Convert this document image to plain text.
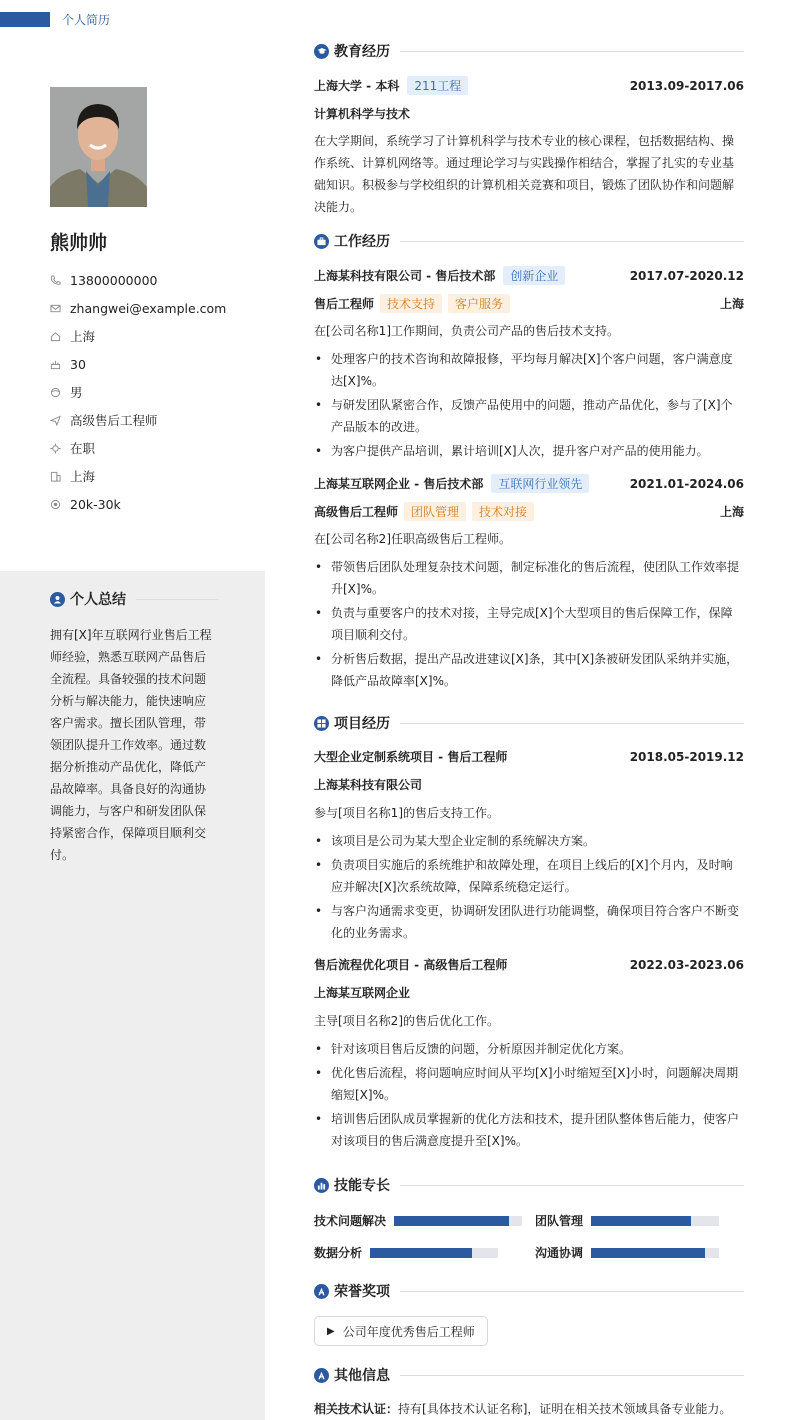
个人简历
熊帅帅
13800000000
zhangwei@example.com
上海
30
男
高级售后工程师
在职
上海
20k-30k
个人总结
拥有[X]年互联网行业售后工程师经验，熟悉互联网产品售后全流程。具备较强的技术问题分析与解决能力，能快速响应客户需求。擅长团队管理，带领团队提升工作效率。通过数据分析推动产品优化，降低产品故障率。具备良好的沟通协调能力，与客户和研发团队保持紧密合作，保障项目顺利交付。
教育经历
上海大学 - 本科	211工程	2013.09-2017.06
计算机科学与技术
在大学期间，系统学习了计算机科学与技术专业的核心课程，包括数据结构、操作系统、计算机网络等。通过理论学习与实践操作相结合，掌握了扎实的专业基础知识。积极参与学校组织的计算机相关竞赛和项目，锻炼了团队协作和问题解决能力。
工作经历
上海某科技有限公司 - 售后技术部	创新企业	2017.07-2020.12
售后工程师	技术支持	客户服务	上海
在[公司名称1]工作期间，负责公司产品的售后技术支持。
• 处理客户的技术咨询和故障报修，平均每月解决[X]个客户问题，客户满意度达[X]%。
• 与研发团队紧密合作，反馈产品使用中的问题，推动产品优化，参与了[X]个产品版本的改进。
• 为客户提供产品培训，累计培训[X]人次，提升客户对产品的使用能力。
上海某互联网企业 - 售后技术部	互联网行业领先	2021.01-2024.06
高级售后工程师	团队管理	技术对接	上海
在[公司名称2]任职高级售后工程师。
• 带领售后团队处理复杂技术问题，制定标准化的售后流程，使团队工作效率提升[X]%。
• 负责与重要客户的技术对接，主导完成[X]个大型项目的售后保障工作，保障项目顺利交付。
• 分析售后数据，提出产品改进建议[X]条，其中[X]条被研发团队采纳并实施，降低产品故障率[X]%。
项目经历
大型企业定制系统项目 - 售后工程师	2018.05-2019.12
上海某科技有限公司
参与[项目名称1]的售后支持工作。
• 该项目是公司为某大型企业定制的系统解决方案。
• 负责项目实施后的系统维护和故障处理，在项目上线后的[X]个月内，及时响应并解决[X]次系统故障，保障系统稳定运行。
• 与客户沟通需求变更，协调研发团队进行功能调整，确保项目符合客户不断变化的业务需求。
售后流程优化项目 - 高级售后工程师	2022.03-2023.06
上海某互联网企业
主导[项目名称2]的售后优化工作。
• 针对该项目售后反馈的问题，分析原因并制定优化方案。
• 优化售后流程，将问题响应时间从平均[X]小时缩短至[X]小时，问题解决周期缩短[X]%。
• 培训售后团队成员掌握新的优化方法和技术，提升团队整体售后能力，使客户对该项目的售后满意度提升至[X]%。
技能专长
技术问题解决	团队管理
数据分析	沟通协调
荣誉奖项
▶ 公司年度优秀售后工程师
其他信息
相关技术认证：持有[具体技术认证名称]，证明在相关技术领域具备专业能力。
